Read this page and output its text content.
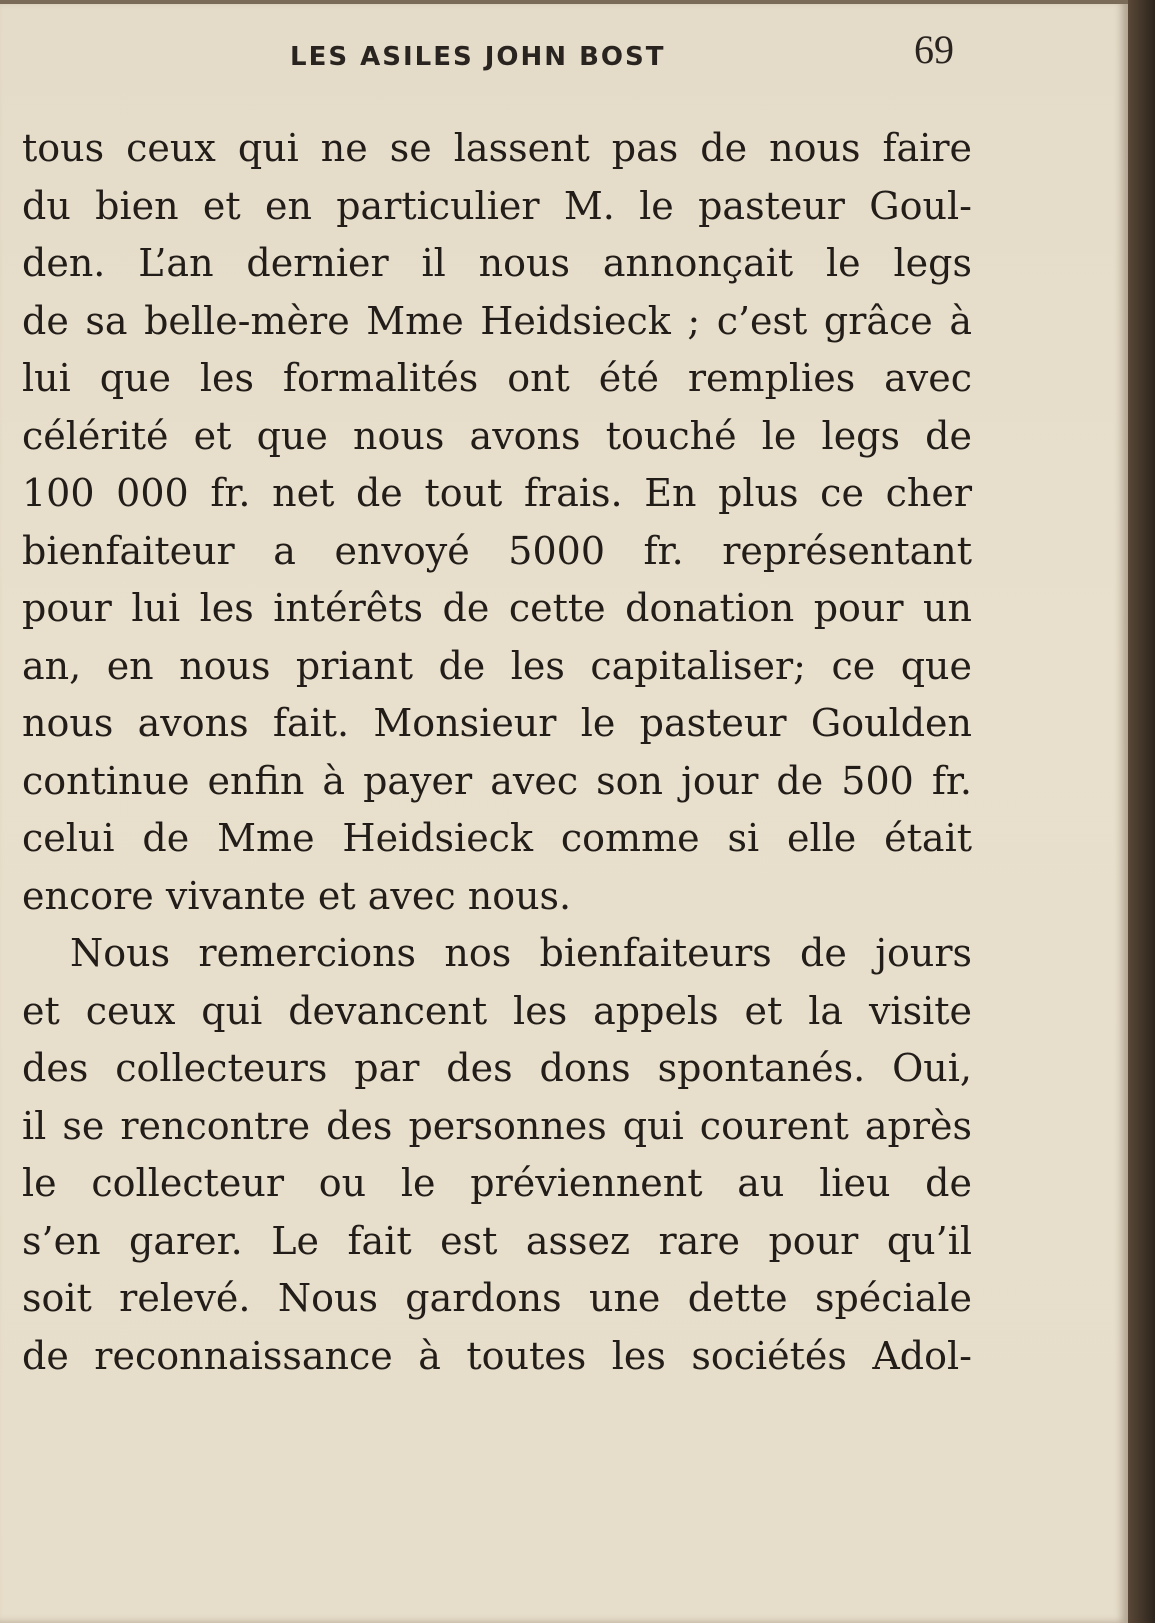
LES ASILES JOHN BOST	69
tous ceux qui ne se lassent pas de nous faire
du bien et en particulier M. le pasteur Goul-
den. L’an dernier il nous annonçait le legs
de sa belle-mère Mme Heidsieck ; c’est grâce à
lui que les formalités ont été remplies avec
célérité et que nous avons touché le legs de
100 000 fr. net de tout frais. En plus ce cher
bienfaiteur a envoyé 5000 fr. représentant
pour lui les intérêts de cette donation pour un
an, en nous priant de les capitaliser; ce que
nous avons fait. Monsieur le pasteur Goulden
continue enfin à payer avec son jour de 500 fr.
celui de Mme Heidsieck comme si elle était
encore vivante et avec nous.
Nous remercions nos bienfaiteurs de jours
et ceux qui devancent les appels et la visite
des collecteurs par des dons spontanés. Oui,
il se rencontre des personnes qui courent après
le collecteur ou le préviennent au lieu de
s’en garer. Le fait est assez rare pour qu’il
soit relevé. Nous gardons une dette spéciale
de reconnaissance à toutes les sociétés Adol-
